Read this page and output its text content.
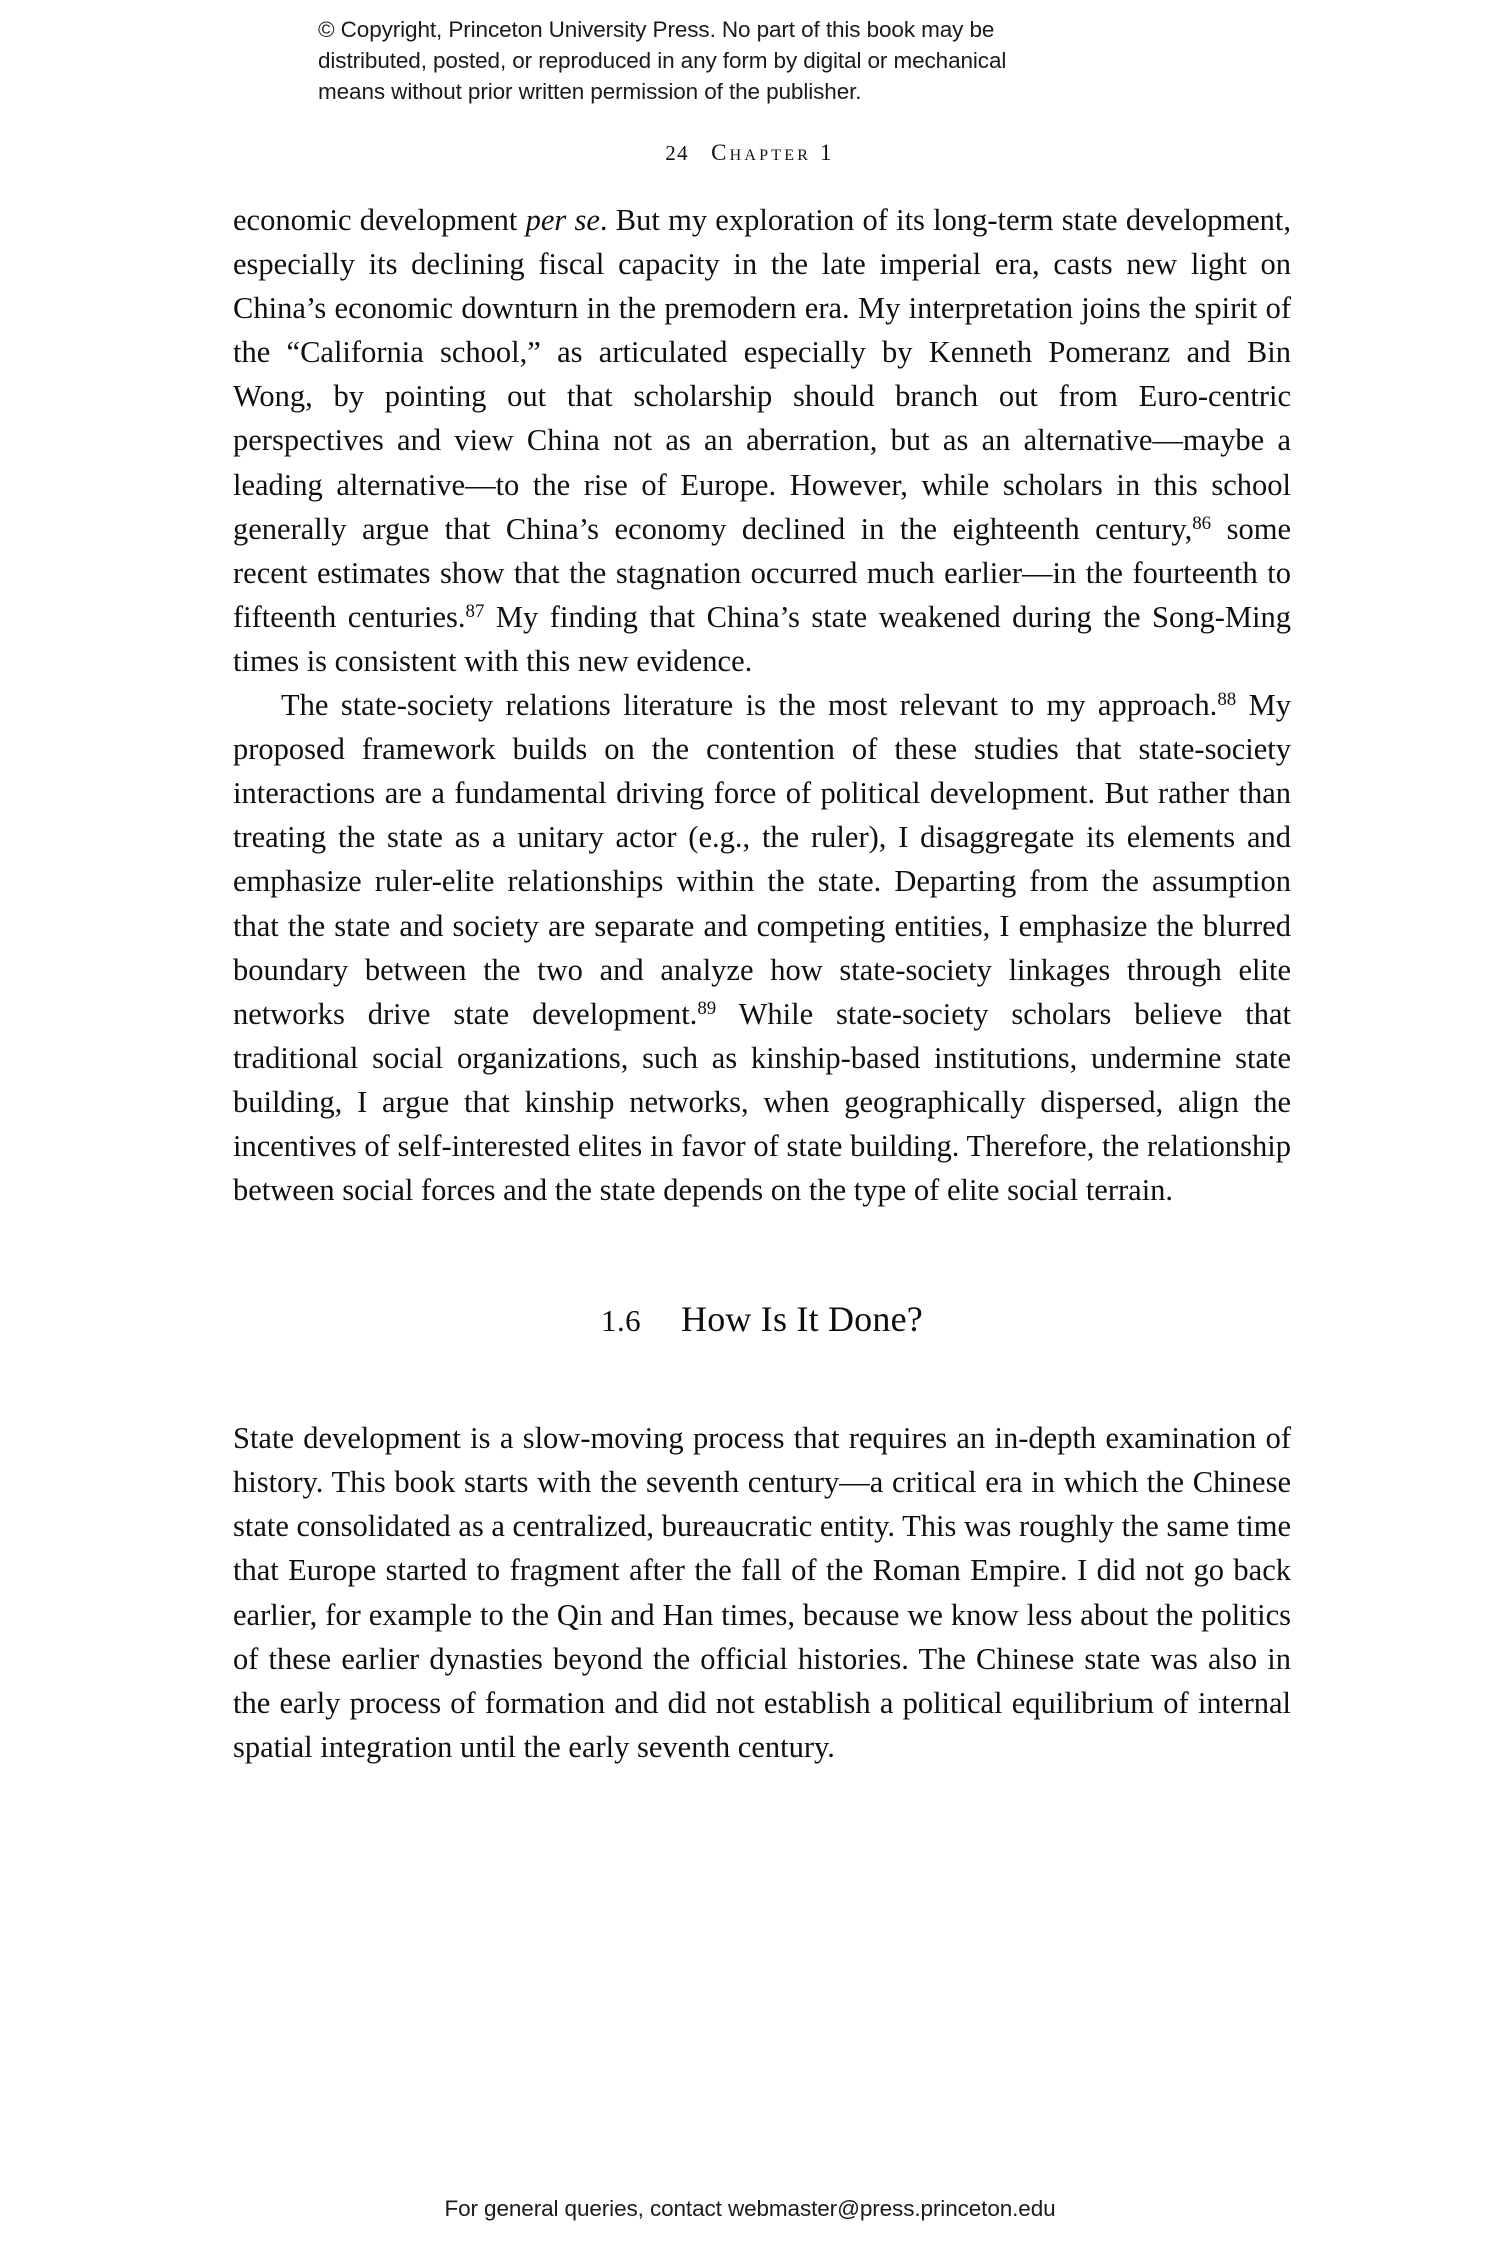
© Copyright, Princeton University Press. No part of this book may be
distributed, posted, or reproduced in any form by digital or mechanical
means without prior written permission of the publisher.
24 Chapter 1

economic development per se. But my exploration of its long-term state development, especially its declining fiscal capacity in the late imperial era, casts new light on China’s economic downturn in the premodern era. My interpretation joins the spirit of the “California school,” as articulated especially by Kenneth Pomeranz and Bin Wong, by pointing out that scholarship should branch out from Euro-centric perspectives and view China not as an aberration, but as an alternative—maybe a leading alternative—to the rise of Europe. However, while scholars in this school generally argue that China’s economy declined in the eighteenth century,$^{86}$ some recent estimates show that the stagnation occurred much earlier—in the fourteenth to fifteenth centuries.$^{87}$ My finding that China’s state weakened during the Song-Ming times is consistent with this new evidence.

The state-society relations literature is the most relevant to my approach.$^{88}$ My proposed framework builds on the contention of these studies that state-society interactions are a fundamental driving force of political development. But rather than treating the state as a unitary actor (e.g., the ruler), I disaggregate its elements and emphasize ruler-elite relationships within the state. Departing from the assumption that the state and society are separate and competing entities, I emphasize the blurred boundary between the two and analyze how state-society linkages through elite networks drive state development.$^{89}$ While state-society scholars believe that traditional social organizations, such as kinship-based institutions, undermine state building, I argue that kinship networks, when geographically dispersed, align the incentives of self-interested elites in favor of state building. Therefore, the relationship between social forces and the state depends on the type of elite social terrain.

1.6 How Is It Done?

State development is a slow-moving process that requires an in-depth examination of history. This book starts with the seventh century—a critical era in which the Chinese state consolidated as a centralized, bureaucratic entity. This was roughly the same time that Europe started to fragment after the fall of the Roman Empire. I did not go back earlier, for example to the Qin and Han times, because we know less about the politics of these earlier dynasties beyond the official histories. The Chinese state was also in the early process of formation and did not establish a political equilibrium of internal spatial integration until the early seventh century.

For general queries, contact webmaster@press.princeton.edu
